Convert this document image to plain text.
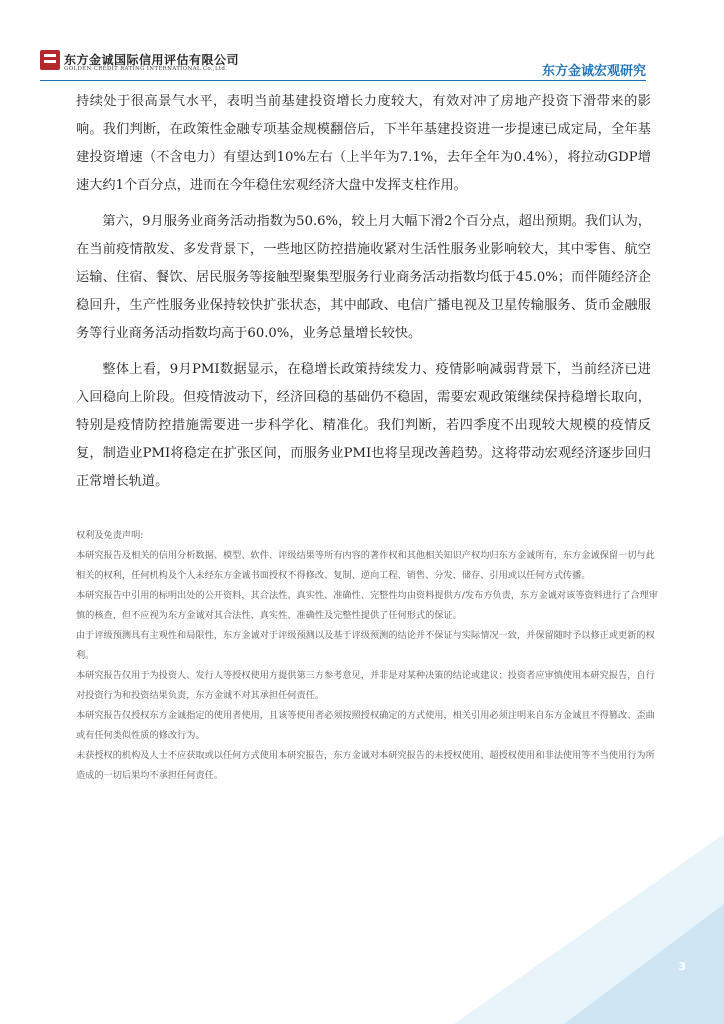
东方金诚国际信用评估有限公司
GOLDEN CREDIT RATING INTERNATIONAL Co.,Ltd.	东方金诚宏观研究

持续处于很高景气水平，表明当前基建投资增长力度较大，有效对冲了房地产投资下滑带来的影响。我们判断，在政策性金融专项基金规模翻倍后，下半年基建投资进一步提速已成定局，全年基建投资增速（不含电力）有望达到10%左右（上半年为7.1%，去年全年为0.4%），将拉动GDP增速大约1个百分点，进而在今年稳住宏观经济大盘中发挥支柱作用。

第六，9月服务业商务活动指数为50.6%，较上月大幅下滑2个百分点，超出预期。我们认为，在当前疫情散发、多发背景下，一些地区防控措施收紧对生活性服务业影响较大，其中零售、航空运输、住宿、餐饮、居民服务等接触型聚集型服务行业商务活动指数均低于45.0%；而伴随经济企稳回升，生产性服务业保持较快扩张状态，其中邮政、电信广播电视及卫星传输服务、货币金融服务等行业商务活动指数均高于60.0%，业务总量增长较快。

整体上看，9月PMI数据显示，在稳增长政策持续发力、疫情影响减弱背景下，当前经济已进入回稳向上阶段。但疫情波动下，经济回稳的基础仍不稳固，需要宏观政策继续保持稳增长取向，特别是疫情防控措施需要进一步科学化、精准化。我们判断，若四季度不出现较大规模的疫情反复，制造业PMI将稳定在扩张区间，而服务业PMI也将呈现改善趋势。这将带动宏观经济逐步回归正常增长轨道。

权利及免责声明:

本研究报告及相关的信用分析数据、模型、软件、评级结果等所有内容的著作权和其他相关知识产权均归东方金诚所有，东方金诚保留一切与此相关的权利，任何机构及个人未经东方金诚书面授权不得修改、复制、逆向工程、销售、分发、储存、引用或以任何方式传播。

本研究报告中引用的标明出处的公开资料，其合法性、真实性、准确性、完整性均由资料提供方/发布方负责，东方金诚对该等资料进行了合理审慎的核查，但不应视为东方金诚对其合法性、真实性、准确性及完整性提供了任何形式的保证。

由于评级预测具有主观性和局限性，东方金诚对于评级预测以及基于评级预测的结论并不保证与实际情况一致，并保留随时予以修正或更新的权利。

本研究报告仅用于为投资人、发行人等授权使用方提供第三方参考意见，并非是对某种决策的结论或建议；投资者应审慎使用本研究报告，自行对投资行为和投资结果负责，东方金诚不对其承担任何责任。

本研究报告仅授权东方金诚指定的使用者使用，且该等使用者必须按照授权确定的方式使用，相关引用必须注明来自东方金诚且不得篡改、歪曲或有任何类似性质的修改行为。

未获授权的机构及人士不应获取或以任何方式使用本研究报告，东方金诚对本研究报告的未授权使用、超授权使用和非法使用等不当使用行为所造成的一切后果均不承担任何责任。

3
